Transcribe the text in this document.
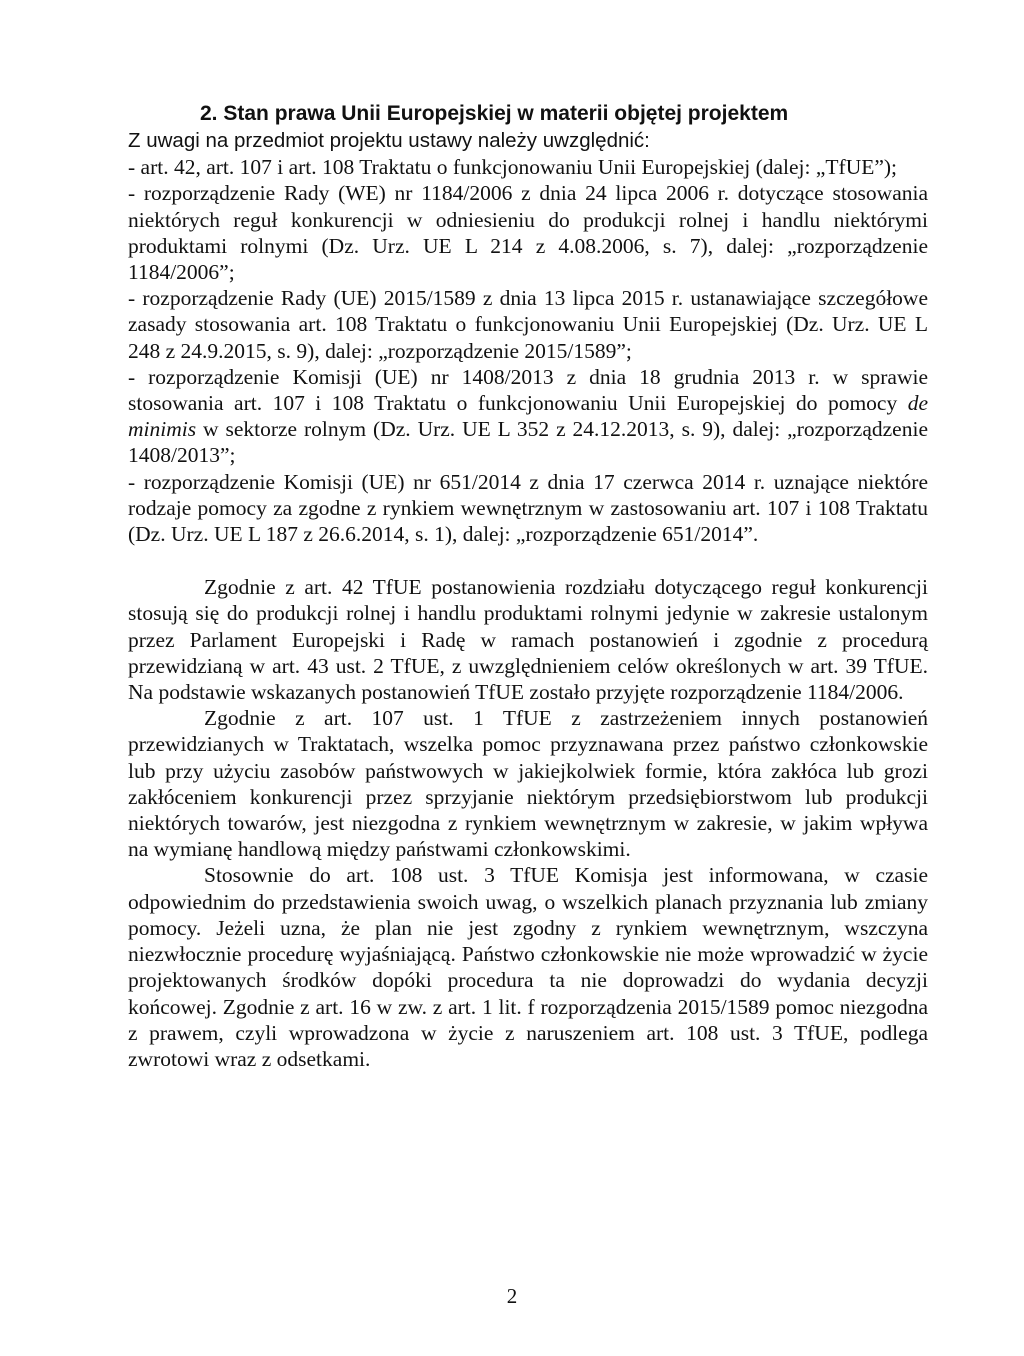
2. Stan prawa Unii Europejskiej w materii objętej projektem

Z uwagi na przedmiot projektu ustawy należy uwzględnić:

- art. 42, art. 107 i art. 108 Traktatu o funkcjonowaniu Unii Europejskiej (dalej: „TfUE”);

- rozporządzenie Rady (WE) nr 1184/2006 z dnia 24 lipca 2006 r. dotyczące stosowania niektórych reguł konkurencji w odniesieniu do produkcji rolnej i handlu niektórymi produktami rolnymi (Dz. Urz. UE L 214 z 4.08.2006, s. 7), dalej: „rozporządzenie 1184/2006”;

- rozporządzenie Rady (UE) 2015/1589 z dnia 13 lipca 2015 r. ustanawiające szczegółowe zasady stosowania art. 108 Traktatu o funkcjonowaniu Unii Europejskiej (Dz. Urz. UE L 248 z 24.9.2015, s. 9), dalej: „rozporządzenie 2015/1589”;

- rozporządzenie Komisji (UE) nr 1408/2013 z dnia 18 grudnia 2013 r. w sprawie stosowania art. 107 i 108 Traktatu o funkcjonowaniu Unii Europejskiej do pomocy de minimis w sektorze rolnym (Dz. Urz. UE L 352 z 24.12.2013, s. 9), dalej: „rozporządzenie 1408/2013”;

- rozporządzenie Komisji (UE) nr 651/2014 z dnia 17 czerwca 2014 r. uznające niektóre rodzaje pomocy za zgodne z rynkiem wewnętrznym w zastosowaniu art. 107 i 108 Traktatu (Dz. Urz. UE L 187 z 26.6.2014, s. 1), dalej: „rozporządzenie 651/2014”.

Zgodnie z art. 42 TfUE postanowienia rozdziału dotyczącego reguł konkurencji stosują się do produkcji rolnej i handlu produktami rolnymi jedynie w zakresie ustalonym przez Parlament Europejski i Radę w ramach postanowień i zgodnie z procedurą przewidzianą w art. 43 ust. 2 TfUE, z uwzględnieniem celów określonych w art. 39 TfUE. Na podstawie wskazanych postanowień TfUE zostało przyjęte rozporządzenie 1184/2006.

Zgodnie z art. 107 ust. 1 TfUE z zastrzeżeniem innych postanowień przewidzianych w Traktatach, wszelka pomoc przyznawana przez państwo członkowskie lub przy użyciu zasobów państwowych w jakiejkolwiek formie, która zakłóca lub grozi zakłóceniem konkurencji przez sprzyjanie niektórym przedsiębiorstwom lub produkcji niektórych towarów, jest niezgodna z rynkiem wewnętrznym w zakresie, w jakim wpływa na wymianę handlową między państwami członkowskimi.

Stosownie do art. 108 ust. 3 TfUE Komisja jest informowana, w czasie odpowiednim do przedstawienia swoich uwag, o wszelkich planach przyznania lub zmiany pomocy. Jeżeli uzna, że plan nie jest zgodny z rynkiem wewnętrznym, wszczyna niezwłocznie procedurę wyjaśniającą. Państwo członkowskie nie może wprowadzić w życie projektowanych środków dopóki procedura ta nie doprowadzi do wydania decyzji końcowej. Zgodnie z art. 16 w zw. z art. 1 lit. f rozporządzenia 2015/1589 pomoc niezgodna z prawem, czyli wprowadzona w życie z naruszeniem art. 108 ust. 3 TfUE, podlega zwrotowi wraz z odsetkami.

2
